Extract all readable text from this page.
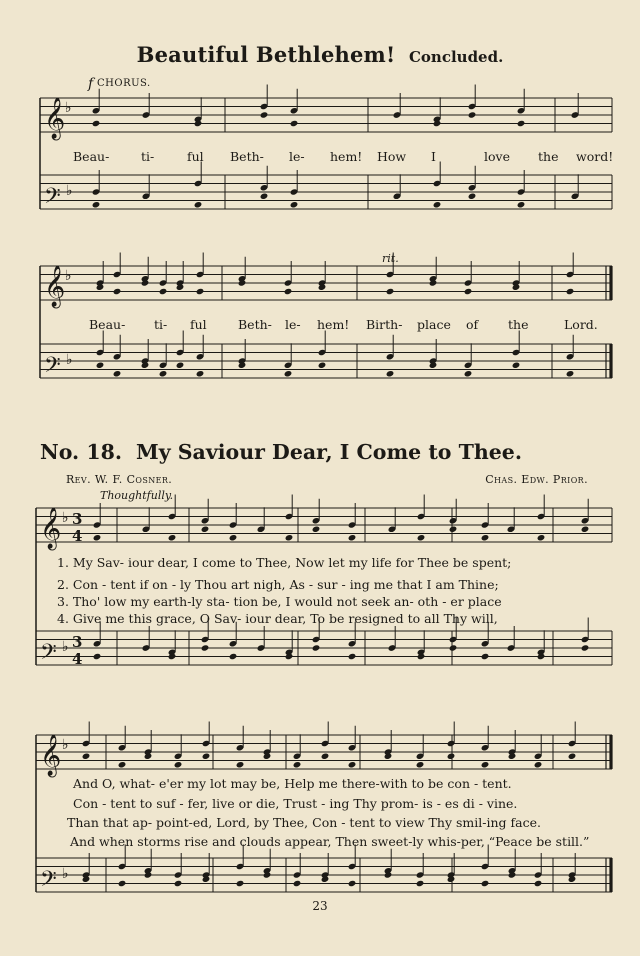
Beautiful Bethlehem! Concluded.
f CHORUS.
rit.
Beau-	ti-	ful Beth- le- hem! How I	love the word!
Beau- ti- ful	Beth- le- hem! Birth- place of the	Lord.
No. 18. My Saviour Dear, I Come to Thee.
Rev. W. F. Cosner.	Chas. Edw. Prior.
Thoughtfully.
1. My Sav- iour dear, I come to Thee, Now let my life for Thee be spent;
2. Con - tent if on - ly Thou art nigh, As - sur - ing me that I am Thine;
3. Tho' low my earth-ly sta- tion be, I would not seek an- oth - er place
4. Give me this grace, O Sav- iour dear, To be resigned to all Thy will,
And O, what- e'er my lot may be, Help me there-with to be con - tent.
Con - tent to suf - fer, live or die, Trust - ing Thy prom- is - es di - vine.
Than that ap- point-ed, Lord, by Thee, Con - tent to view Thy smil-ing face.
And when storms rise and clouds appear, Then sweet-ly whis-per, “Peace be still.”
23
𝄞
𝄢
♭
♭
𝄞
𝄢
♭
♭
𝄞
𝄢
♭
♭
3
4
3
4
𝄞
𝄢
♭
♭
